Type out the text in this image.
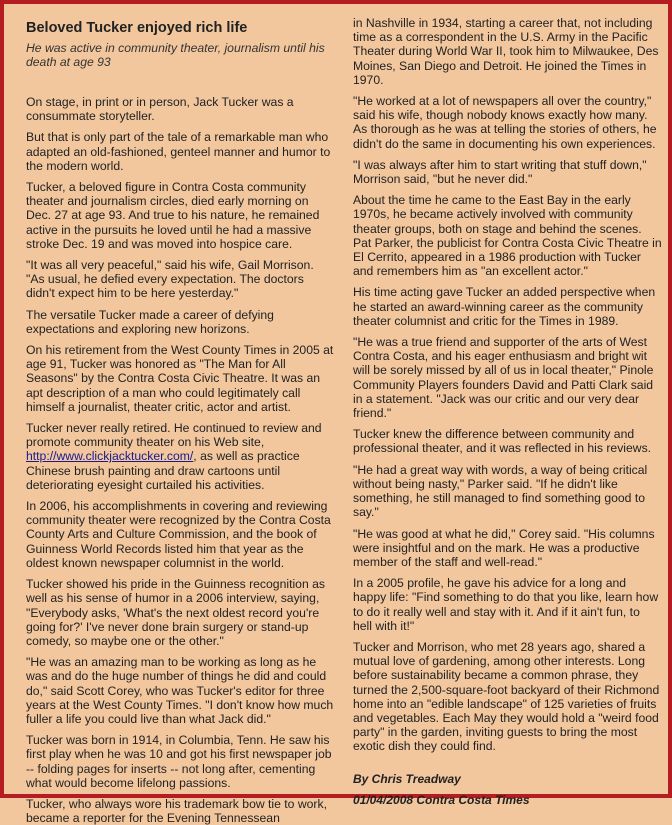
Beloved Tucker enjoyed rich life
He was active in community theater, journalism until his death at age 93

On stage, in print or in person, Jack Tucker was a consummate storyteller.

But that is only part of the tale of a remarkable man who adapted an old-fashioned, genteel manner and humor to the modern world.

Tucker, a beloved figure in Contra Costa community theater and journalism circles, died early morning on Dec. 27 at age 93. And true to his nature, he remained active in the pursuits he loved until he had a massive stroke Dec. 19 and was moved into hospice care.

"It was all very peaceful," said his wife, Gail Morrison. "As usual, he defied every expectation. The doctors didn't expect him to be here yesterday."

The versatile Tucker made a career of defying expectations and exploring new horizons.

On his retirement from the West County Times in 2005 at age 91, Tucker was honored as "The Man for All Seasons" by the Contra Costa Civic Theatre. It was an apt description of a man who could legitimately call himself a journalist, theater critic, actor and artist.

Tucker never really retired. He continued to review and promote community theater on his Web site, http://www.clickjacktucker.com/, as well as practice Chinese brush painting and draw cartoons until deteriorating eyesight curtailed his activities.

In 2006, his accomplishments in covering and reviewing community theater were recognized by the Contra Costa County Arts and Culture Commission, and the book of Guinness World Records listed him that year as the oldest known newspaper columnist in the world.

Tucker showed his pride in the Guinness recognition as well as his sense of humor in a 2006 interview, saying, "Everybody asks, 'What's the next oldest record you're going for?' I've never done brain surgery or stand-up comedy, so maybe one or the other."

"He was an amazing man to be working as long as he was and do the huge number of things he did and could do," said Scott Corey, who was Tucker's editor for three years at the West County Times. "I don't know how much fuller a life you could live than what Jack did."

Tucker was born in 1914, in Columbia, Tenn. He saw his first play when he was 10 and got his first newspaper job -- folding pages for inserts -- not long after, cementing what would become lifelong passions.

Tucker, who always wore his trademark bow tie to work, became a reporter for the Evening Tennessean

in Nashville in 1934, starting a career that, not including time as a correspondent in the U.S. Army in the Pacific Theater during World War II, took him to Milwaukee, Des Moines, San Diego and Detroit. He joined the Times in 1970.

"He worked at a lot of newspapers all over the country," said his wife, though nobody knows exactly how many. As thorough as he was at telling the stories of others, he didn't do the same in documenting his own experiences.

"I was always after him to start writing that stuff down," Morrison said, "but he never did."

About the time he came to the East Bay in the early 1970s, he became actively involved with community theater groups, both on stage and behind the scenes. Pat Parker, the publicist for Contra Costa Civic Theatre in El Cerrito, appeared in a 1986 production with Tucker and remembers him as "an excellent actor."

His time acting gave Tucker an added perspective when he started an award-winning career as the community theater columnist and critic for the Times in 1989.

"He was a true friend and supporter of the arts of West Contra Costa, and his eager enthusiasm and bright wit will be sorely missed by all of us in local theater," Pinole Community Players founders David and Patti Clark said in a statement. "Jack was our critic and our very dear friend."

Tucker knew the difference between community and professional theater, and it was reflected in his reviews.

"He had a great way with words, a way of being critical without being nasty," Parker said. "If he didn't like something, he still managed to find something good to say."

"He was good at what he did," Corey said. "His columns were insightful and on the mark. He was a productive member of the staff and well-read."

In a 2005 profile, he gave his advice for a long and happy life: "Find something to do that you like, learn how to do it really well and stay with it. And if it ain't fun, to hell with it!"

Tucker and Morrison, who met 28 years ago, shared a mutual love of gardening, among other interests. Long before sustainability became a common phrase, they turned the 2,500-square-foot backyard of their Richmond home into an "edible landscape" of 125 varieties of fruits and vegetables. Each May they would hold a "weird food party" in the garden, inviting guests to bring the most exotic dish they could find.

By Chris Treadway
01/04/2008 Contra Costa Times
